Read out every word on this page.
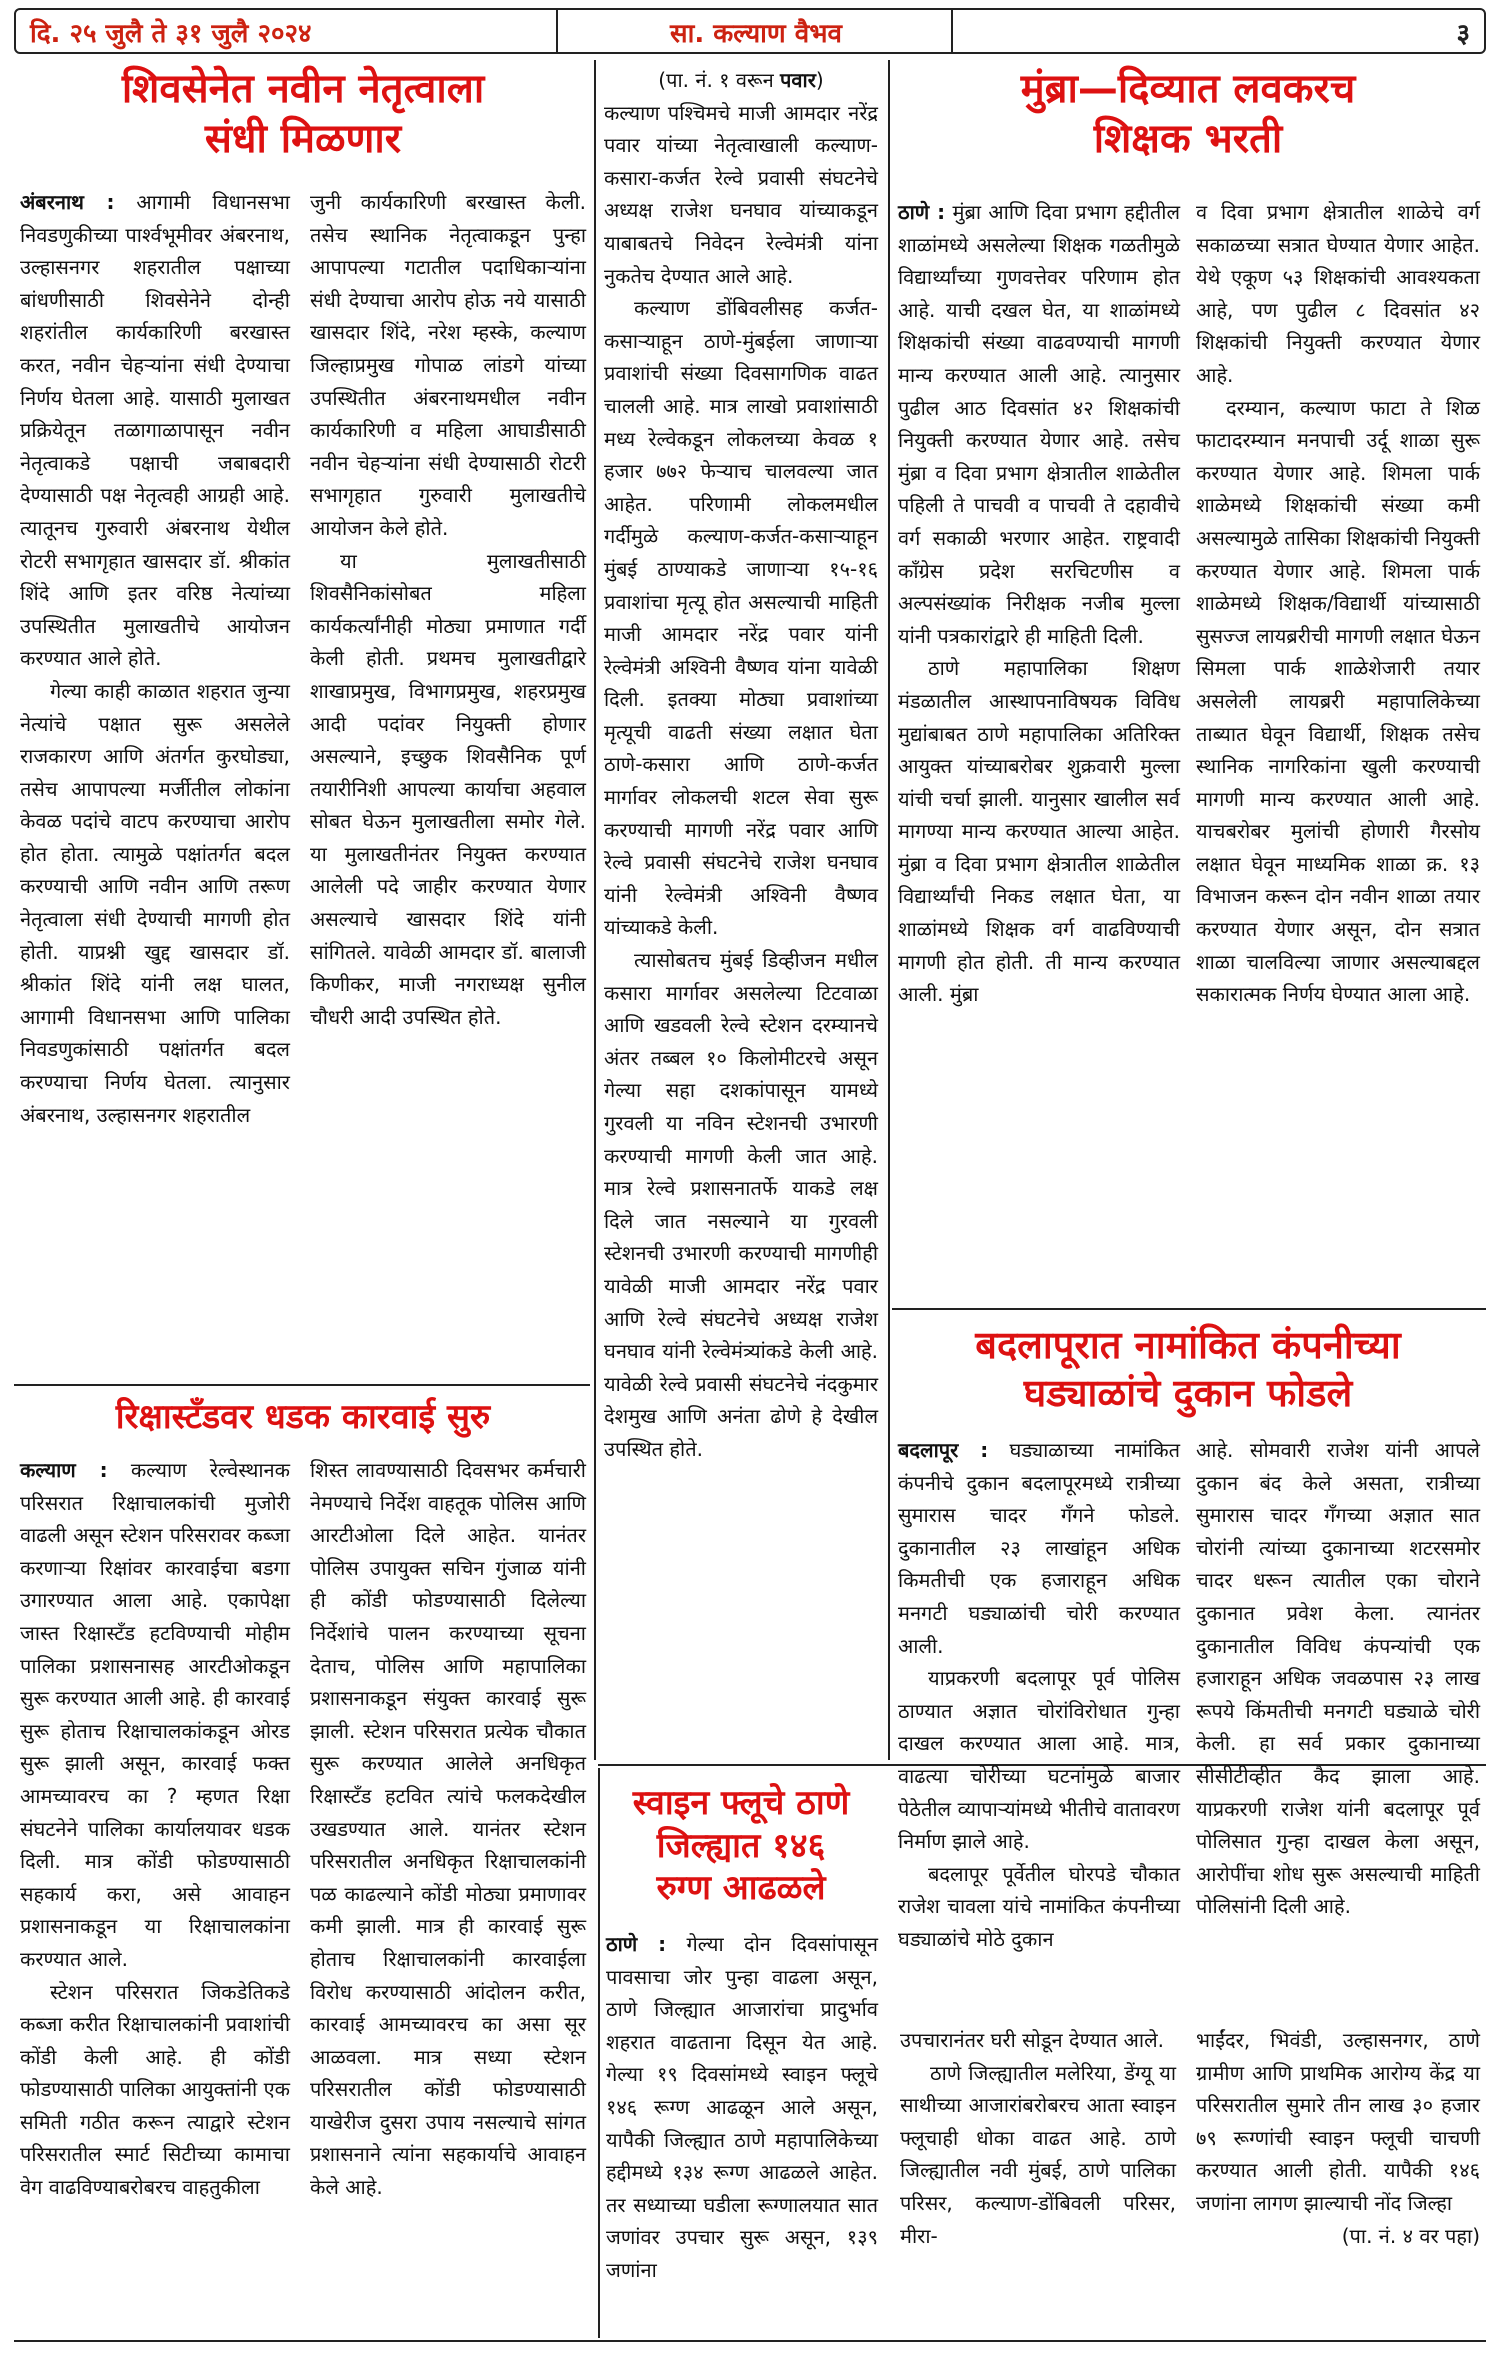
दि. २५ जुलै ते ३१ जुलै २०२४	सा. कल्याण वैभव	३
शिवसेनेत नवीन नेतृत्वाला
संधी मिळणार

अंबरनाथ : आगामी विधानसभा निवडणुकीच्या पार्श्वभूमीवर अंबरनाथ, उल्हासनगर शहरातील पक्षाच्या बांधणीसाठी शिवसेनेने दोन्ही शहरांतील कार्यकारिणी बरखास्त करत, नवीन चेहऱ्यांना संधी देण्याचा निर्णय घेतला आहे. यासाठी मुलाखत प्रक्रियेतून तळागाळापासून नवीन नेतृत्वाकडे पक्षाची जबाबदारी देण्यासाठी पक्ष नेतृत्वही आग्रही आहे. त्यातूनच गुरुवारी अंबरनाथ येथील रोटरी सभागृहात खासदार डॉ. श्रीकांत शिंदे आणि इतर वरिष्ठ नेत्यांच्या उपस्थितीत मुलाखतीचे आयोजन करण्यात आले होते.

गेल्या काही काळात शहरात जुन्या नेत्यांचे पक्षात सुरू असलेले राजकारण आणि अंतर्गत कुरघोड्या, तसेच आपापल्या मर्जीतील लोकांना केवळ पदांचे वाटप करण्याचा आरोप होत होता. त्यामुळे पक्षांतर्गत बदल करण्याची आणि नवीन आणि तरूण नेतृत्वाला संधी देण्याची मागणी होत होती. याप्रश्नी खुद्द खासदार डॉ. श्रीकांत शिंदे यांनी लक्ष घालत, आगामी विधानसभा आणि पालिका निवडणुकांसाठी पक्षांतर्गत बदल करण्याचा निर्णय घेतला. त्यानुसार अंबरनाथ, उल्हासनगर शहरातील

जुनी कार्यकारिणी बरखास्त केली. तसेच स्थानिक नेतृत्वाकडून पुन्हा आपापल्या गटातील पदाधिकाऱ्यांना संधी देण्याचा आरोप होऊ नये यासाठी खासदार शिंदे, नरेश म्हस्के, कल्याण जिल्हाप्रमुख गोपाळ लांडगे यांच्या उपस्थितीत अंबरनाथमधील नवीन कार्यकारिणी व महिला आघाडीसाठी नवीन चेहऱ्यांना संधी देण्यासाठी रोटरी सभागृहात गुरुवारी मुलाखतीचे आयोजन केले होते.

या मुलाखतीसाठी शिवसैनिकांसोबत महिला कार्यकर्त्यांनीही मोठ्या प्रमाणात गर्दी केली होती. प्रथमच मुलाखतीद्वारे शाखाप्रमुख, विभागप्रमुख, शहरप्रमुख आदी पदांवर नियुक्ती होणार असल्याने, इच्छुक शिवसैनिक पूर्ण तयारीनिशी आपल्या कार्याचा अहवाल सोबत घेऊन मुलाखतीला समोर गेले. या मुलाखतीनंतर नियुक्त करण्यात आलेली पदे जाहीर करण्यात येणार असल्याचे खासदार शिंदे यांनी सांगितले. यावेळी आमदार डॉ. बालाजी किणीकर, माजी नगराध्यक्ष सुनील चौधरी आदी उपस्थित होते.

(पा. नं. १ वरून पवार)

कल्याण पश्चिमचे माजी आमदार नरेंद्र पवार यांच्या नेतृत्वाखाली कल्याण-कसारा-कर्जत रेल्वे प्रवासी संघटनेचे अध्यक्ष राजेश घनघाव यांच्याकडून याबाबतचे निवेदन रेल्वेमंत्री यांना नुकतेच देण्यात आले आहे.

कल्याण डोंबिवलीसह कर्जत-कसाऱ्याहून ठाणे-मुंबईला जाणाऱ्या प्रवाशांची संख्या दिवसागणिक वाढत चालली आहे. मात्र लाखो प्रवाशांसाठी मध्य रेल्वेकडून लोकलच्या केवळ १ हजार ७७२ फेऱ्याच चालवल्या जात आहेत. परिणामी लोकलमधील गर्दीमुळे कल्याण-कर्जत-कसाऱ्याहून मुंबई ठाण्याकडे जाणाऱ्या १५-१६ प्रवाशांचा मृत्यू होत असल्याची माहिती माजी आमदार नरेंद्र पवार यांनी रेल्वेमंत्री अश्विनी वैष्णव यांना यावेळी दिली. इतक्या मोठ्या प्रवाशांच्या मृत्यूची वाढती संख्या लक्षात घेता ठाणे-कसारा आणि ठाणे-कर्जत मार्गावर लोकलची शटल सेवा सुरू करण्याची मागणी नरेंद्र पवार आणि रेल्वे प्रवासी संघटनेचे राजेश घनघाव यांनी रेल्वेमंत्री अश्विनी वैष्णव यांच्याकडे केली.

त्यासोबतच मुंबई डिव्हीजन मधील कसारा मार्गावर असलेल्या टिटवाळा आणि खडवली रेल्वे स्टेशन दरम्यानचे अंतर तब्बल १० किलोमीटरचे असून गेल्या सहा दशकांपासून यामध्ये गुरवली या नविन स्टेशनची उभारणी करण्याची मागणी केली जात आहे. मात्र रेल्वे प्रशासनातर्फे याकडे लक्ष दिले जात नसल्याने या गुरवली स्टेशनची उभारणी करण्याची मागणीही यावेळी माजी आमदार नरेंद्र पवार आणि रेल्वे संघटनेचे अध्यक्ष राजेश घनघाव यांनी रेल्वेमंत्र्यांकडे केली आहे. यावेळी रेल्वे प्रवासी संघटनेचे नंदकुमार देशमुख आणि अनंता ढोणे हे देखील उपस्थित होते.

मुंब्रा—दिव्यात लवकरच
शिक्षक भरती

ठाणे : मुंब्रा आणि दिवा प्रभाग हद्दीतील शाळांमध्ये असलेल्या शिक्षक गळतीमुळे विद्यार्थ्यांच्या गुणवत्तेवर परिणाम होत आहे. याची दखल घेत, या शाळांमध्ये शिक्षकांची संख्या वाढवण्याची मागणी मान्य करण्यात आली आहे. त्यानुसार पुढील आठ दिवसांत ४२ शिक्षकांची नियुक्ती करण्यात येणार आहे. तसेच मुंब्रा व दिवा प्रभाग क्षेत्रातील शाळेतील पहिली ते पाचवी व पाचवी ते दहावीचे वर्ग सकाळी भरणार आहेत. राष्ट्रवादी काँग्रेस प्रदेश सरचिटणीस व अल्पसंख्यांक निरीक्षक नजीब मुल्ला यांनी पत्रकारांद्वारे ही माहिती दिली.

ठाणे महापालिका शिक्षण मंडळातील आस्थापनाविषयक विविध मुद्यांबाबत ठाणे महापालिका अतिरिक्त आयुक्त यांच्याबरोबर शुक्रवारी मुल्ला यांची चर्चा झाली. यानुसार खालील सर्व मागण्या मान्य करण्यात आल्या आहेत. मुंब्रा व दिवा प्रभाग क्षेत्रातील शाळेतील विद्यार्थ्यांची निकड लक्षात घेता, या शाळांमध्ये शिक्षक वर्ग वाढविण्याची मागणी होत होती. ती मान्य करण्यात आली. मुंब्रा

व दिवा प्रभाग क्षेत्रातील शाळेचे वर्ग सकाळच्या सत्रात घेण्यात येणार आहेत. येथे एकूण ५३ शिक्षकांची आवश्यकता आहे, पण पुढील ८ दिवसांत ४२ शिक्षकांची नियुक्ती करण्यात येणार आहे.

दरम्यान, कल्याण फाटा ते शिळ फाटादरम्यान मनपाची उर्दू शाळा सुरू करण्यात येणार आहे. शिमला पार्क शाळेमध्ये शिक्षकांची संख्या कमी असल्यामुळे तासिका शिक्षकांची नियुक्ती करण्यात येणार आहे. शिमला पार्क शाळेमध्ये शिक्षक/विद्यार्थी यांच्यासाठी सुसज्ज लायब्ररीची मागणी लक्षात घेऊन सिमला पार्क शाळेशेजारी तयार असलेली लायब्ररी महापालिकेच्या ताब्यात घेवून विद्यार्थी, शिक्षक तसेच स्थानिक नागरिकांना खुली करण्याची मागणी मान्य करण्यात आली आहे. याचबरोबर मुलांची होणारी गैरसोय लक्षात घेवून माध्यमिक शाळा क्र. १३ विभाजन करून दोन नवीन शाळा तयार करण्यात येणार असून, दोन सत्रात शाळा चालविल्या जाणार असल्याबद्दल सकारात्मक निर्णय घेण्यात आला आहे.

रिक्षास्टँडवर धडक कारवाई सुरु

कल्याण : कल्याण रेल्वेस्थानक परिसरात रिक्षाचालकांची मुजोरी वाढली असून स्टेशन परिसरावर कब्जा करणाऱ्या रिक्षांवर कारवाईचा बडगा उगारण्यात आला आहे. एकापेक्षा जास्त रिक्षास्टँड हटविण्याची मोहीम पालिका प्रशासनासह आरटीओकडून सुरू करण्यात आली आहे. ही कारवाई सुरू होताच रिक्षाचालकांकडून ओरड सुरू झाली असून, कारवाई फक्त आमच्यावरच का ? म्हणत रिक्षा संघटनेने पालिका कार्यालयावर धडक दिली. मात्र कोंडी फोडण्यासाठी सहकार्य करा, असे आवाहन प्रशासनाकडून या रिक्षाचालकांना करण्यात आले.

स्टेशन परिसरात जिकडेतिकडे कब्जा करीत रिक्षाचालकांनी प्रवाशांची कोंडी केली आहे. ही कोंडी फोडण्यासाठी पालिका आयुक्तांनी एक समिती गठीत करून त्याद्वारे स्टेशन परिसरातील स्मार्ट सिटीच्या कामाचा वेग वाढविण्याबरोबरच वाहतुकीला

शिस्त लावण्यासाठी दिवसभर कर्मचारी नेमण्याचे निर्देश वाहतूक पोलिस आणि आरटीओला दिले आहेत. यानंतर पोलिस उपायुक्त सचिन गुंजाळ यांनी ही कोंडी फोडण्यासाठी दिलेल्या निर्देशांचे पालन करण्याच्या सूचना देताच, पोलिस आणि महापालिका प्रशासनाकडून संयुक्त कारवाई सुरू झाली. स्टेशन परिसरात प्रत्येक चौकात सुरू करण्यात आलेले अनधिकृत रिक्षास्टँड हटवित त्यांचे फलकदेखील उखडण्यात आले. यानंतर स्टेशन परिसरातील अनधिकृत रिक्षाचालकांनी पळ काढल्याने कोंडी मोठ्या प्रमाणावर कमी झाली. मात्र ही कारवाई सुरू होताच रिक्षाचालकांनी कारवाईला विरोध करण्यासाठी आंदोलन करीत, कारवाई आमच्यावरच का असा सूर आळवला. मात्र सध्या स्टेशन परिसरातील कोंडी फोडण्यासाठी याखेरीज दुसरा उपाय नसल्याचे सांगत प्रशासनाने त्यांना सहकार्याचे आवाहन केले आहे.

स्वाइन फ्लूचे ठाणे
जिल्ह्यात १४६
रुग्ण आढळले

ठाणे : गेल्या दोन दिवसांपासून पावसाचा जोर पुन्हा वाढला असून, ठाणे जिल्ह्यात आजारांचा प्रादुर्भाव शहरात वाढताना दिसून येत आहे. गेल्या १९ दिवसांमध्ये स्वाइन फ्लूचे १४६ रूग्ण आढळून आले असून, यापैकी जिल्ह्यात ठाणे महापालिकेच्या हद्दीमध्ये १३४ रूग्ण आढळले आहेत. तर सध्याच्या घडीला रूग्णालयात सात जणांवर उपचार सुरू असून, १३९ जणांना

उपचारानंतर घरी सोडून देण्यात आले.

ठाणे जिल्ह्यातील मलेरिया, डेंग्यू या साथीच्या आजारांबरोबरच आता स्वाइन फ्लूचाही धोका वाढत आहे. ठाणे जिल्ह्यातील नवी मुंबई, ठाणे पालिका परिसर, कल्याण-डोंबिवली परिसर, मीरा-

भाईंदर, भिवंडी, उल्हासनगर, ठाणे ग्रामीण आणि प्राथमिक आरोग्य केंद्र या परिसरातील सुमारे तीन लाख ३० हजार ७९ रूग्णांची स्वाइन फ्लूची चाचणी करण्यात आली होती. यापैकी १४६ जणांना लागण झाल्याची नोंद जिल्हा

(पा. नं. ४ वर पहा)

बदलापूरात नामांकित कंपनीच्या
घड्याळांचे दुकान फोडले

बदलापूर : घड्याळाच्या नामांकित कंपनीचे दुकान बदलापूरमध्ये रात्रीच्या सुमारास चादर गँगने फोडले. दुकानातील २३ लाखांहून अधिक किमतीची एक हजाराहून अधिक मनगटी घड्याळांची चोरी करण्यात आली.

याप्रकरणी बदलापूर पूर्व पोलिस ठाण्यात अज्ञात चोरांविरोधात गुन्हा दाखल करण्यात आला आहे. मात्र, वाढत्या चोरीच्या घटनांमुळे बाजार पेठेतील व्यापाऱ्यांमध्ये भीतीचे वातावरण निर्माण झाले आहे.

बदलापूर पूर्वेतील घोरपडे चौकात राजेश चावला यांचे नामांकित कंपनीच्या घड्याळांचे मोठे दुकान

आहे. सोमवारी राजेश यांनी आपले दुकान बंद केले असता, रात्रीच्या सुमारास चादर गँगच्या अज्ञात सात चोरांनी त्यांच्या दुकानाच्या शटरसमोर चादर धरून त्यातील एका चोराने दुकानात प्रवेश केला. त्यानंतर दुकानातील विविध कंपन्यांची एक हजाराहून अधिक जवळपास २३ लाख रूपये किंमतीची मनगटी घड्याळे चोरी केली. हा सर्व प्रकार दुकानाच्या सीसीटीव्हीत कैद झाला आहे. याप्रकरणी राजेश यांनी बदलापूर पूर्व पोलिसात गुन्हा दाखल केला असून, आरोपींचा शोध सुरू असल्याची माहिती पोलिसांनी दिली आहे.
